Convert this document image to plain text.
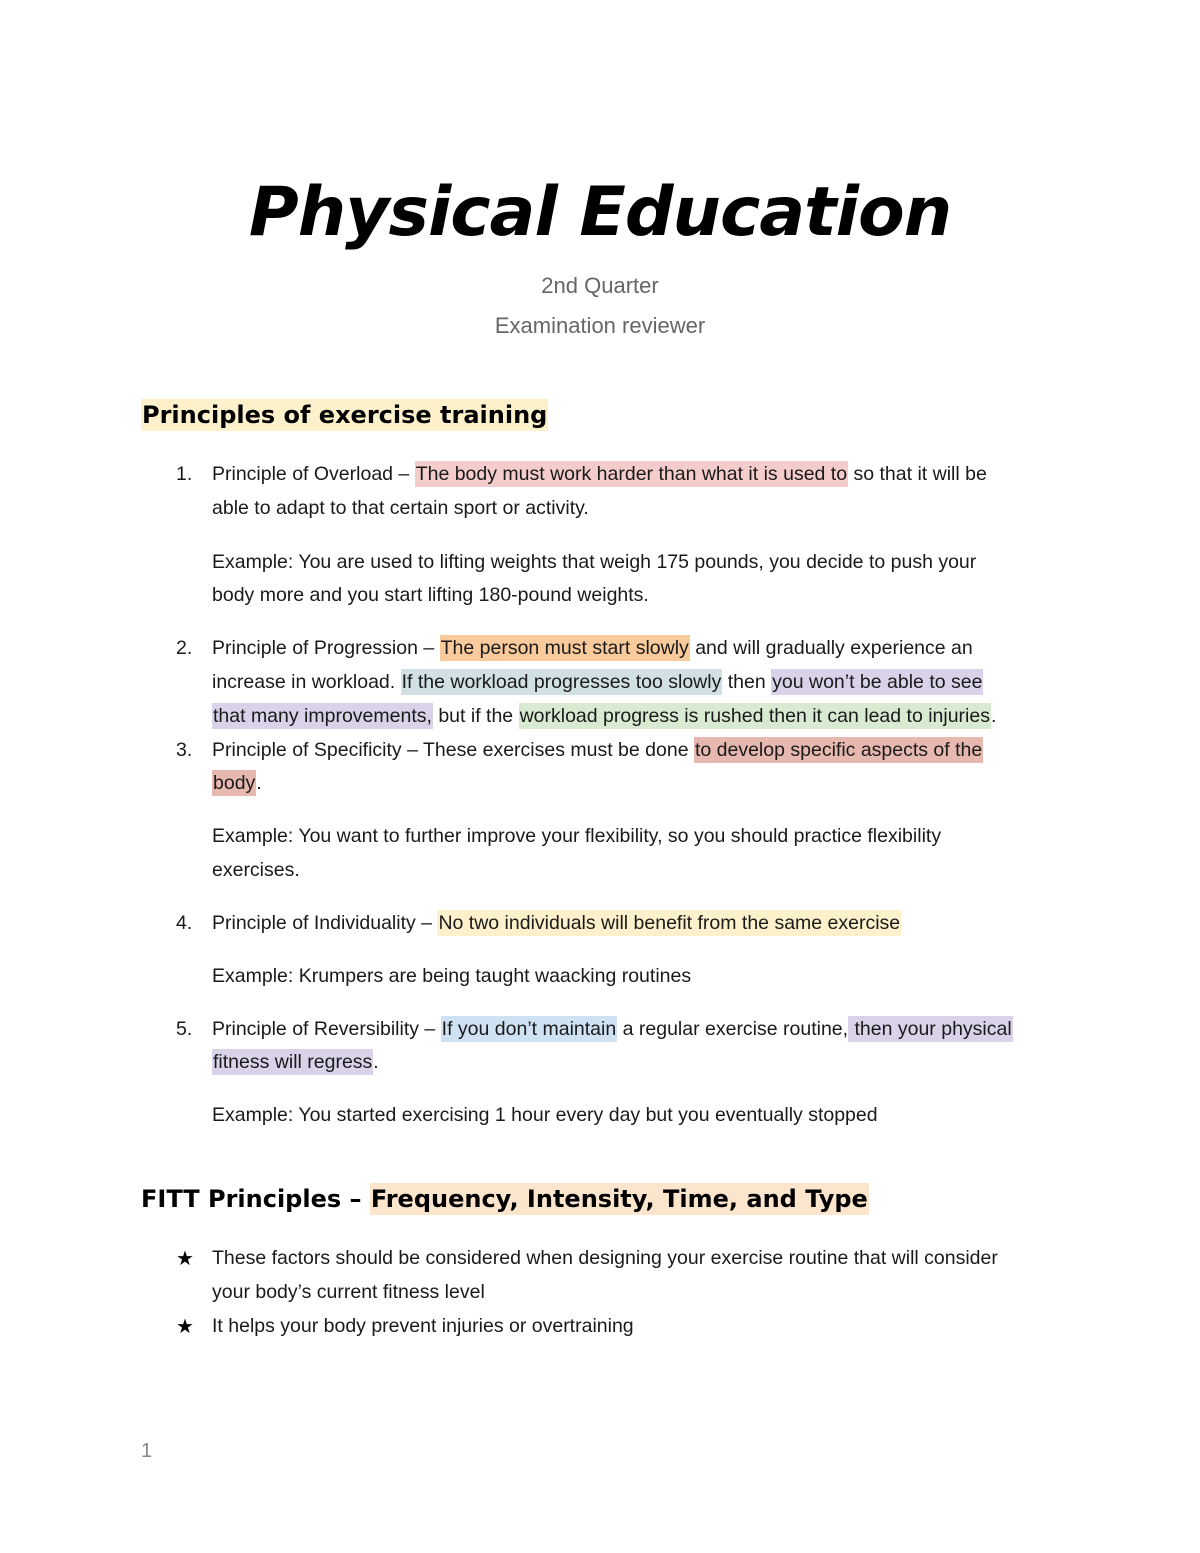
Physical Education

2nd Quarter

Examination reviewer

Principles of exercise training

1. Principle of Overload – The body must work harder than what it is used to so that it will be

able to adapt to that certain sport or activity.

Example: You are used to lifting weights that weigh 175 pounds, you decide to push your

body more and you start lifting 180-pound weights.

2. Principle of Progression – The person must start slowly and will gradually experience an

increase in workload. If the workload progresses too slowly then you won’t be able to see

that many improvements, but if the workload progress is rushed then it can lead to injuries.

3. Principle of Specificity – These exercises must be done to develop specific aspects of the

body.

Example: You want to further improve your flexibility, so you should practice flexibility

exercises.

4. Principle of Individuality – No two individuals will benefit from the same exercise

Example: Krumpers are being taught waacking routines

5. Principle of Reversibility – If you don’t maintain a regular exercise routine, then your physical

fitness will regress.

Example: You started exercising 1 hour every day but you eventually stopped

FITT Principles – Frequency, Intensity, Time, and Type

★ These factors should be considered when designing your exercise routine that will consider

your body’s current fitness level

★ It helps your body prevent injuries or overtraining

1
